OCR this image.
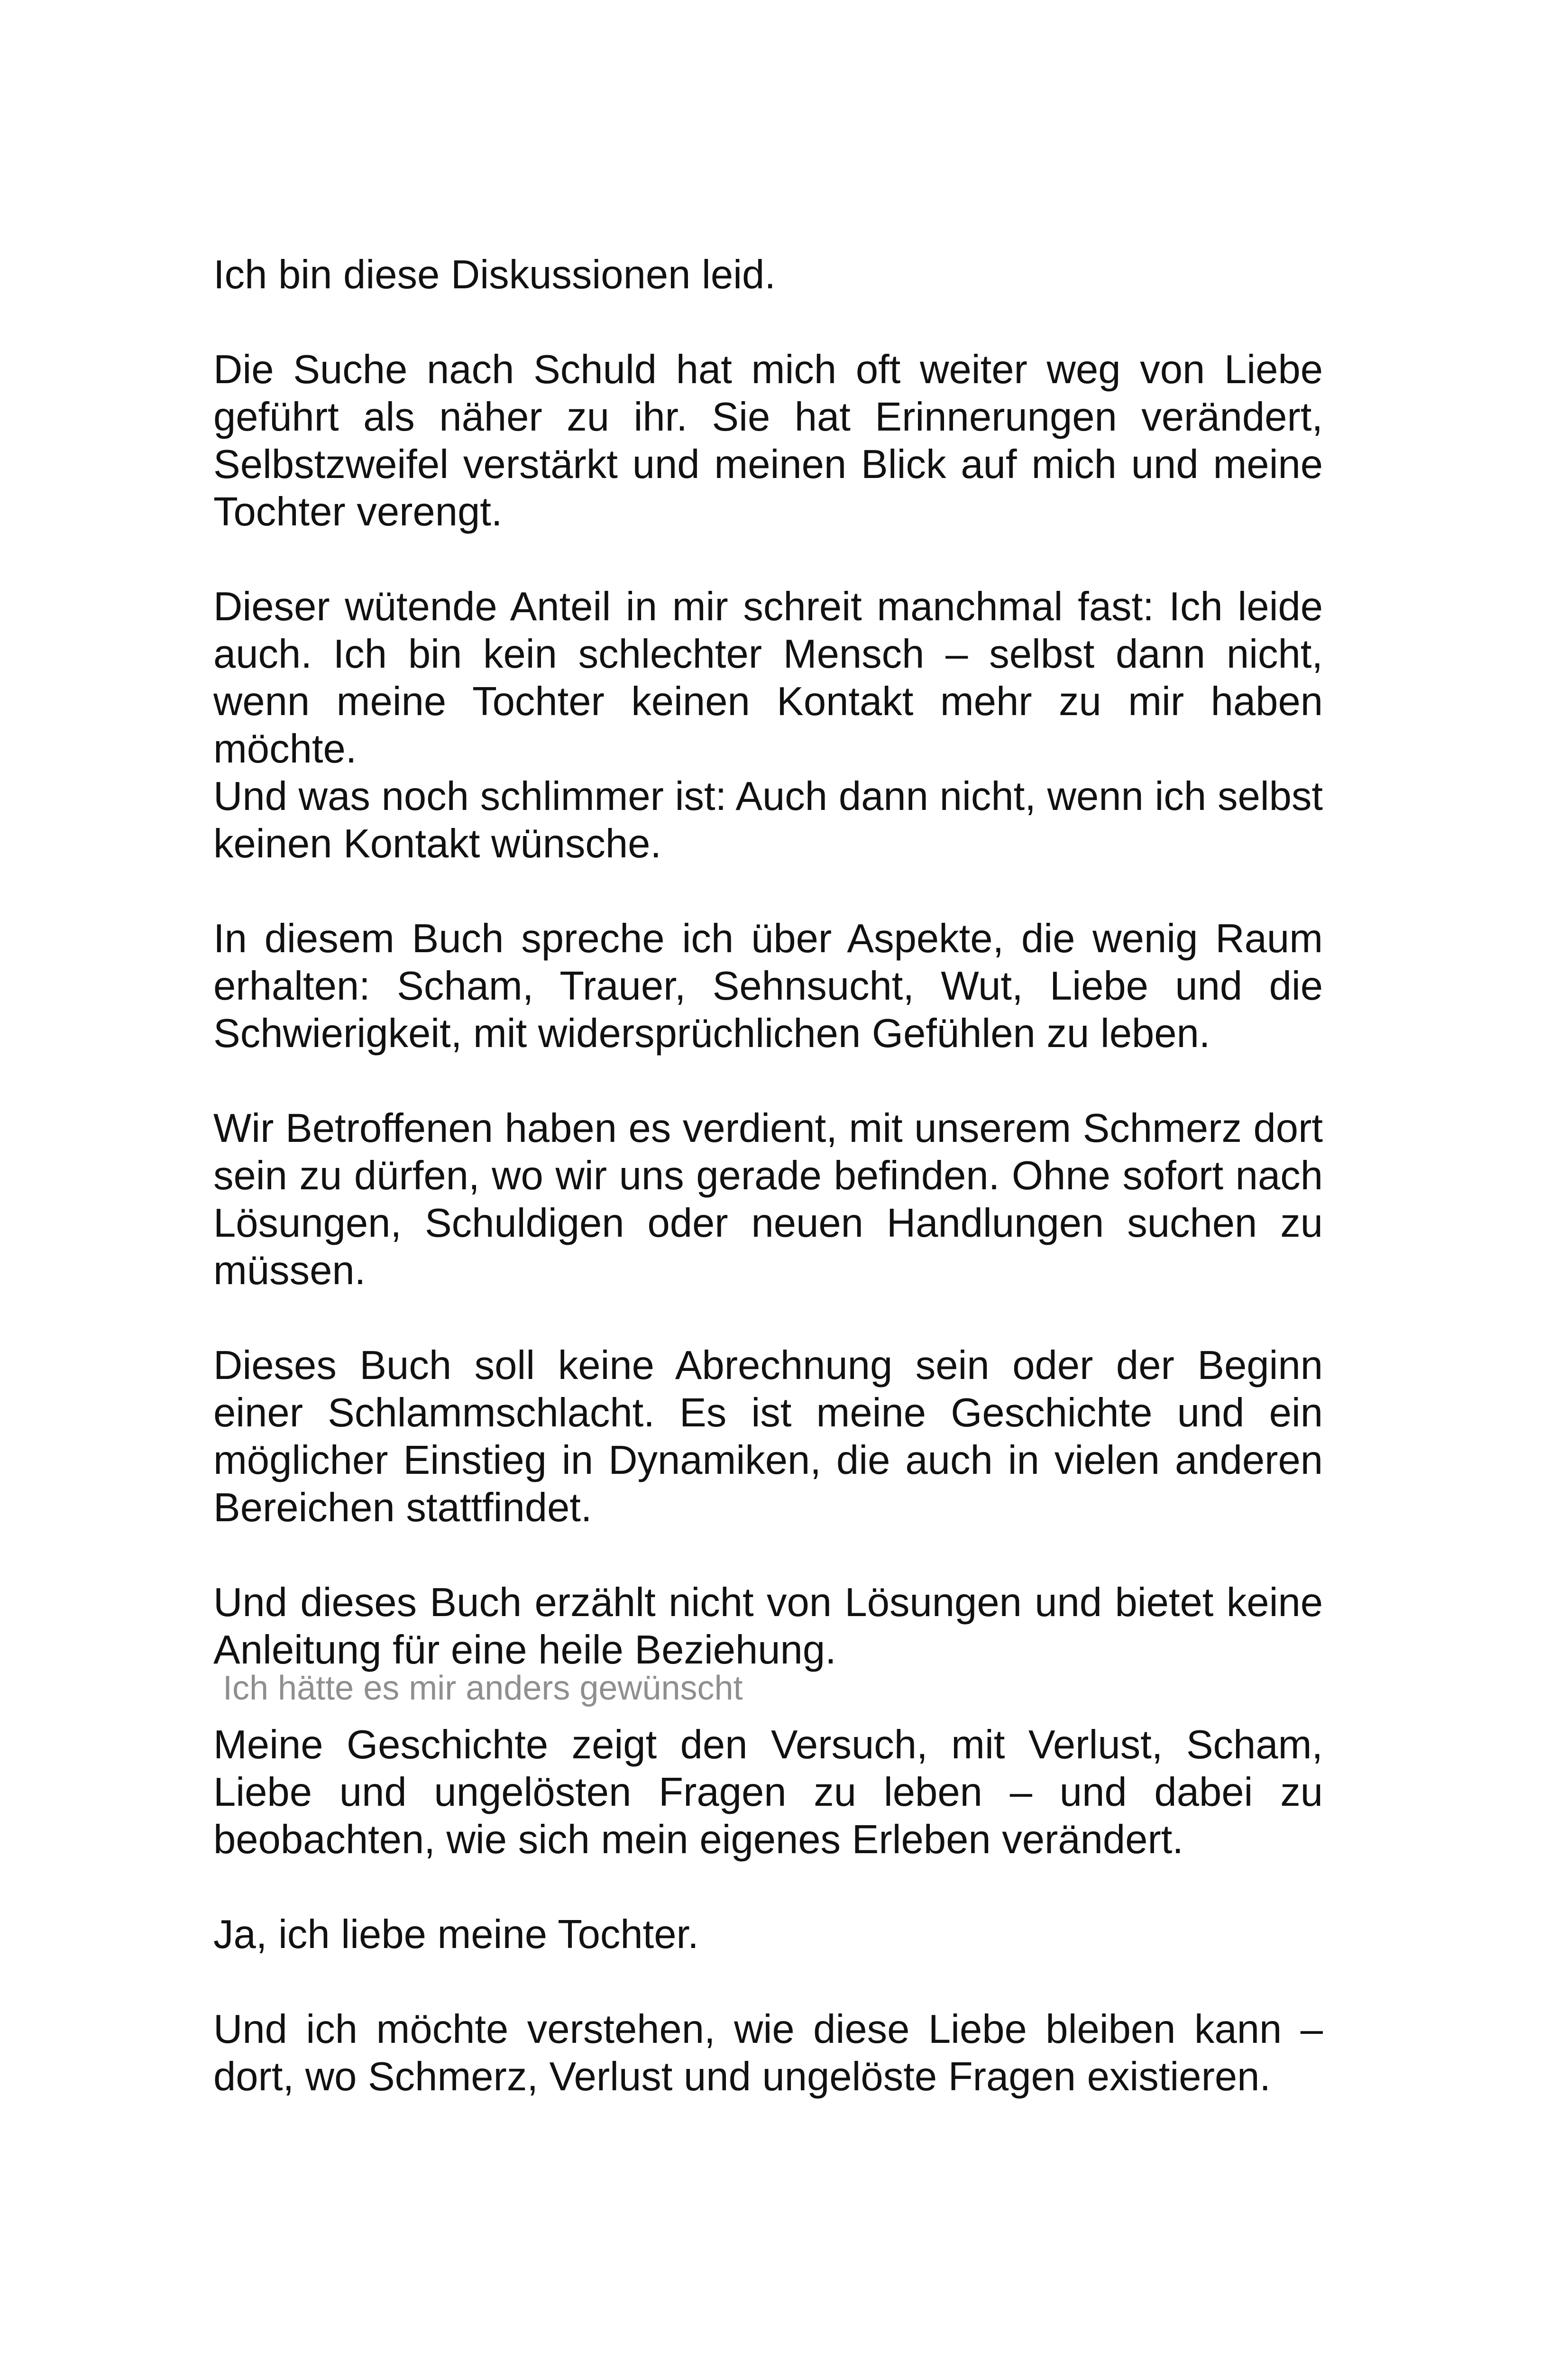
Ich bin diese Diskussionen leid.

Die Suche nach Schuld hat mich oft weiter weg von Liebe geführt als näher zu ihr. Sie hat Erinnerungen verändert, Selbstzweifel verstärkt und meinen Blick auf mich und meine Tochter verengt.

Dieser wütende Anteil in mir schreit manchmal fast: Ich leide auch. Ich bin kein schlechter Mensch – selbst dann nicht, wenn meine Tochter keinen Kontakt mehr zu mir haben möchte.
Und was noch schlimmer ist: Auch dann nicht, wenn ich selbst keinen Kontakt wünsche.

In diesem Buch spreche ich über Aspekte, die wenig Raum erhalten: Scham, Trauer, Sehnsucht, Wut, Liebe und die Schwierigkeit, mit widersprüchlichen Gefühlen zu leben.

Wir Betroffenen haben es verdient, mit unserem Schmerz dort sein zu dürfen, wo wir uns gerade befinden. Ohne sofort nach Lösungen, Schuldigen oder neuen Handlungen suchen zu müssen.

Dieses Buch soll keine Abrechnung sein oder der Beginn einer Schlammschlacht. Es ist meine Geschichte und ein möglicher Einstieg in Dynamiken, die auch in vielen anderen Bereichen stattfindet.

Und dieses Buch erzählt nicht von Lösungen und bietet keine Anleitung für eine heile Beziehung.

Meine Geschichte zeigt den Versuch, mit Verlust, Scham, Liebe und ungelösten Fragen zu leben – und dabei zu beobachten, wie sich mein eigenes Erleben verändert.

Ja, ich liebe meine Tochter.

Und ich möchte verstehen, wie diese Liebe bleiben kann – dort, wo Schmerz, Verlust und ungelöste Fragen existieren.

Ich hätte es mir anders gewünscht
